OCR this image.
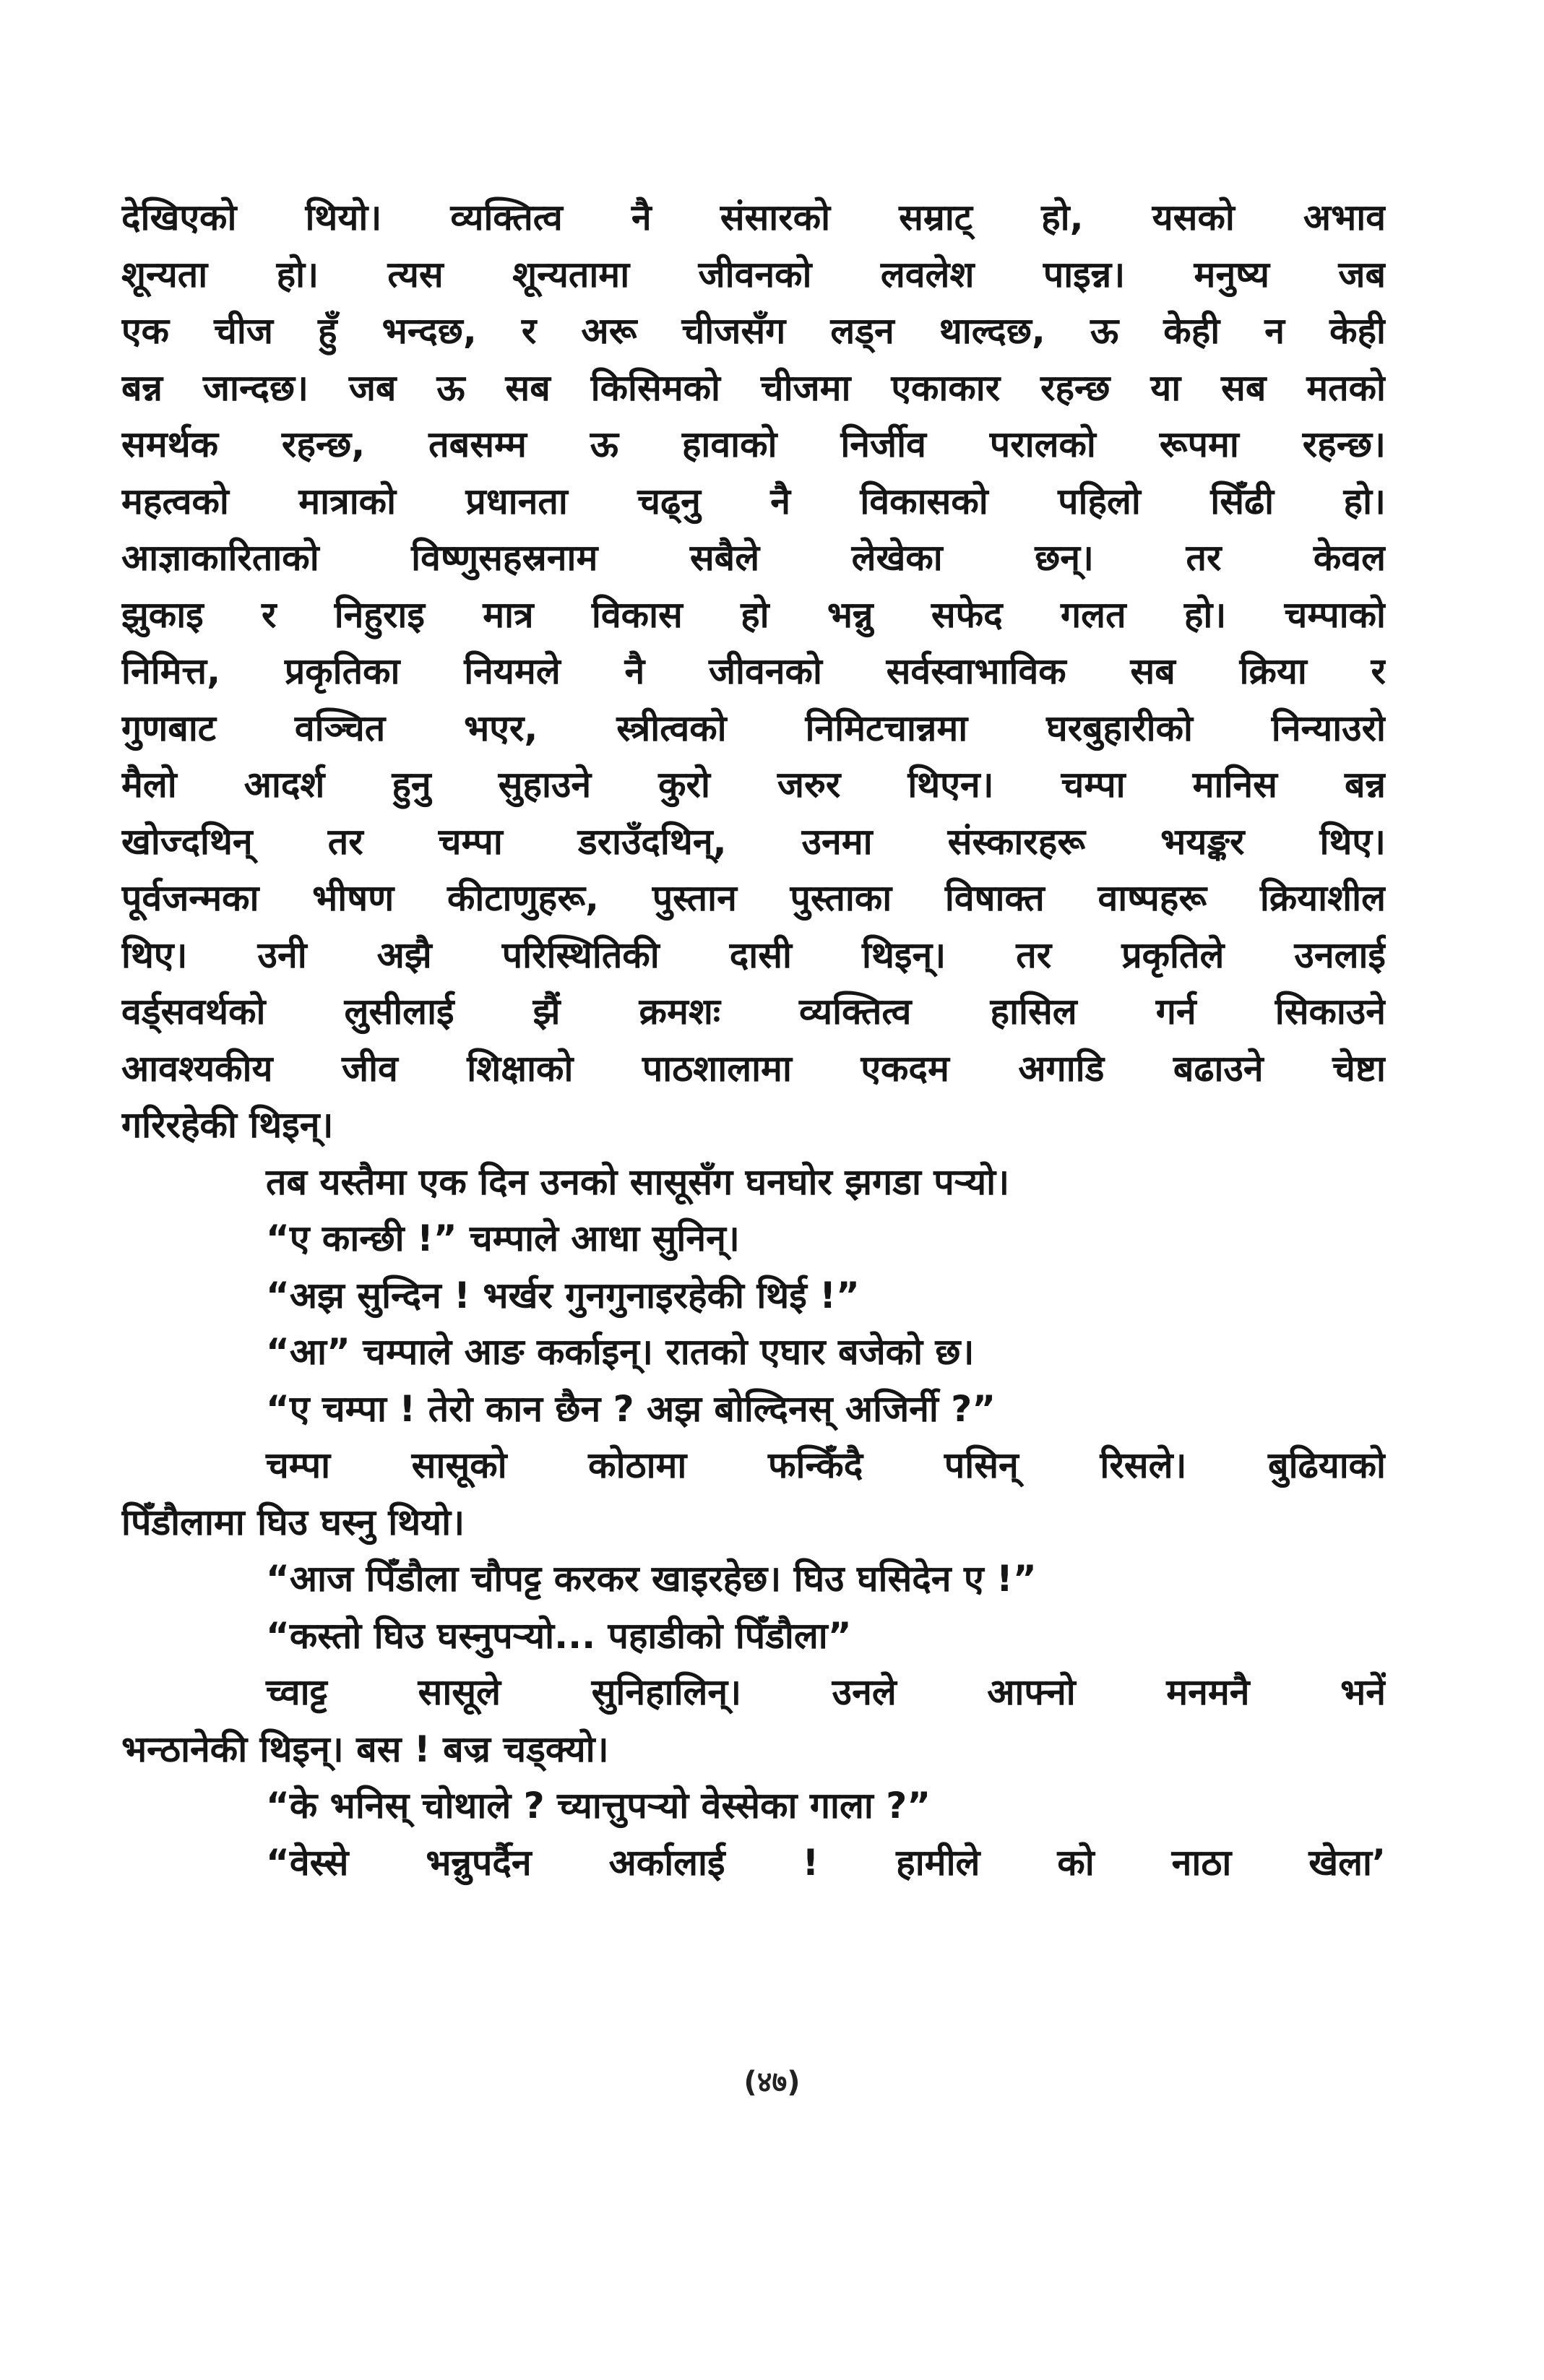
देखिएको थियो। व्यक्तित्व नै संसारको सम्राट् हो, यसको अभाव
शून्यता हो। त्यस शून्यतामा जीवनको लवलेश पाइन्न। मनुष्य जब
एक चीज हुँ भन्दछ, र अरू चीजसँग लड्न थाल्दछ, ऊ केही न केही
बन्न जान्दछ। जब ऊ सब किसिमको चीजमा एकाकार रहन्छ या सब मतको
समर्थक रहन्छ, तबसम्म ऊ हावाको निर्जीव परालको रूपमा रहन्छ।
महत्वको मात्राको प्रधानता चढ्नु नै विकासको पहिलो सिँढी हो।
आज्ञाकारिताको विष्णुसहस्रनाम सबैले लेखेका छन्। तर केवल
झुकाइ र निहुराइ मात्र विकास हो भन्नु सफेद गलत हो। चम्पाको
निमित्त, प्रकृतिका नियमले नै जीवनको सर्वस्वाभाविक सब क्रिया र
गुणबाट वञ्चित भएर, स्त्रीत्वको निमिटचान्नमा घरबुहारीको निन्याउरो
मैलो आदर्श हुनु सुहाउने कुरो जरुर थिएन। चम्पा मानिस बन्न
खोज्दथिन् तर चम्पा डराउँदथिन्, उनमा संस्कारहरू भयङ्कर थिए।
पूर्वजन्मका भीषण कीटाणुहरू, पुस्तान पुस्ताका विषाक्त वाष्पहरू क्रियाशील
थिए। उनी अझै परिस्थितिकी दासी थिइन्। तर प्रकृतिले उनलाई
वर्ड्सवर्थको लुसीलाई झैं क्रमशः व्यक्तित्व हासिल गर्न सिकाउने
आवश्यकीय जीव शिक्षाको पाठशालामा एकदम अगाडि बढाउने चेष्टा
गरिरहेकी थिइन्।
तब यस्तैमा एक दिन उनको सासूसँग घनघोर झगडा पर्‍यो।
“ए कान्छी !” चम्पाले आधा सुनिन्।
“अझ सुन्दिन ! भर्खर गुनगुनाइरहेकी थिई !”
“आ” चम्पाले आङ कर्काइन्। रातको एघार बजेको छ।
“ए चम्पा ! तेरो कान छैन ? अझ बोल्दिनस् अजिर्नी ?”
चम्पा सासूको कोठामा फन्किँदै पसिन् रिसले। बुढियाको
पिँडौलामा घिउ घस्नु थियो।
“आज पिँडौला चौपट्ट करकर खाइरहेछ। घिउ घसिदेन ए !”
“कस्तो घिउ घस्नुपर्‍यो... पहाडीको पिँडौला”
च्वाट्ट सासूले सुनिहालिन्। उनले आफ्नो मनमनै भनें
भन्ठानेकी थिइन्। बस ! बज्र चड्क्यो।
“के भनिस् चोथाले ? च्यात्तुपर्‍यो वेस्सेका गाला ?”
“वेस्से भन्नुपर्दैन अर्कालाई ! हामीले को नाठा खेला’
(४७)
